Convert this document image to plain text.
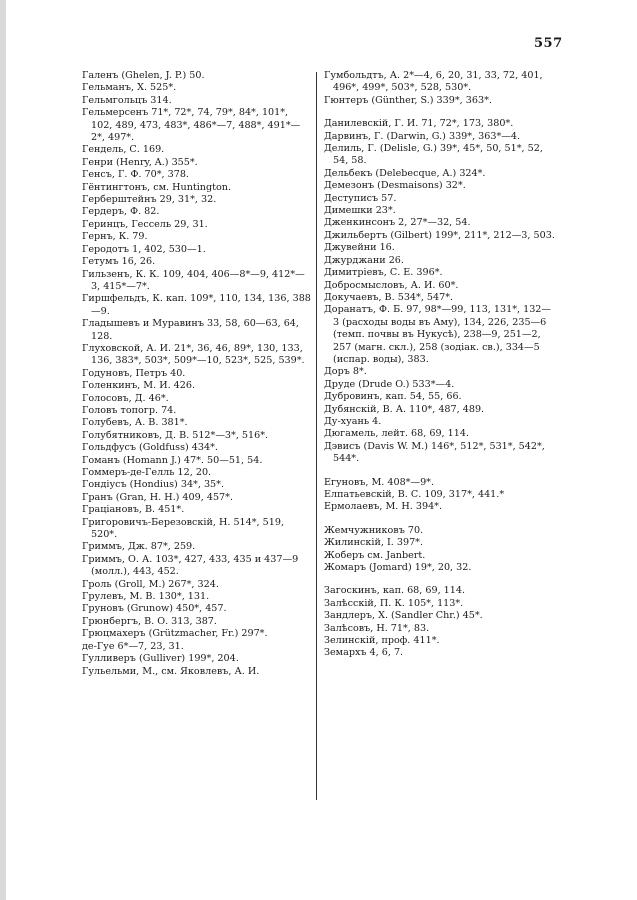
557

Галенъ (Ghelen, J. P.) 50.

Гельманъ, X. 525*.

Гельмгольцъ 314.

Гельмерсенъ 71*, 72*, 74, 79*, 84*, 101*, 102, 489, 473, 483*, 486*—7, 488*, 491*—2*, 497*.

Гендель, С. 169.

Генри (Henry, A.) 355*.

Генсъ, Г. Ф. 70*, 378.

Гёнтингтонъ, см. Huntington.

Герберштейнъ 29, 31*, 32.

Гердеръ, Ф. 82.

Геринцъ, Гессель 29, 31.

Гернъ, К. 79.

Геродотъ 1, 402, 530—1.

Гетумъ 16, 26.

Гильзенъ, К. К. 109, 404, 406—8*—9, 412*—3, 415*—7*.

Гиршфельдъ, К. кап. 109*, 110, 134, 136, 388—9.

Гладышевъ и Муравинъ 33, 58, 60—63, 64, 128.

Глуховской, А. И. 21*, 36, 46, 89*, 130, 133, 136, 383*, 503*, 509*—10, 523*, 525, 539*.

Годуновъ, Петръ 40.

Голенкинъ, М. И. 426.

Голосовъ, Д. 46*.

Головъ топогр. 74.

Голубевъ, А. В. 381*.

Голубятниковъ, Д. В. 512*—3*, 516*.

Гольдфусъ (Goldfuss) 434*.

Гоманъ (Homann J.) 47*. 50—51, 54.

Гоммеръ-де-Гелль 12, 20.

Гондіусъ (Hondius) 34*, 35*.

Гранъ (Gran, H. H.) 409, 457*.

Граціановъ, В. 451*.

Григоровичъ-Березовскій, Н. 514*, 519, 520*.

Гриммъ, Дж. 87*, 259.

Гриммъ, О. А. 103*, 427, 433, 435 и 437—9 (молл.), 443, 452.

Гроль (Groll, M.) 267*, 324.

Грулевъ, М. В. 130*, 131.

Груновъ (Grunow) 450*, 457.

Грюнбергъ, В. О. 313, 387.

Грюцмахеръ (Grützmacher, Fr.) 297*.

де-Гуе 6*—7, 23, 31.

Гулливеръ (Gulliver) 199*, 204.

Гульельми, М., см. Яковлевъ, А. И.

Гумбольдтъ, А. 2*—4, 6, 20, 31, 33, 72, 401, 496*, 499*, 503*, 528, 530*.

Гюнтеръ (Günther, S.) 339*, 363*.

Данилевскій, Г. И. 71, 72*, 173, 380*.

Дарвинъ, Г. (Darwin, G.) 339*, 363*—4.

Делиль, Г. (Delisle, G.) 39*, 45*, 50, 51*, 52, 54, 58.

Дельбекъ (Delebecque, A.) 324*.

Демезонъ (Desmaisons) 32*.

Деступисъ 57.

Димешки 23*.

Дженкинсонъ 2, 27*—32, 54.

Джильбертъ (Gilbert) 199*, 211*, 212—3, 503.

Джувейни 16.

Джурджани 26.

Димитріевъ, С. Е. 396*.

Добросмысловъ, А. И. 60*.

Докучаевъ, В. 534*, 547*.

Доранатъ, Ф. Б. 97, 98*—99, 113, 131*, 132—3 (расходы воды въ Аму), 134, 226, 235—6 (темп. почвы въ Нукусѣ), 238—9, 251—2, 257 (магн. скл.), 258 (зодіак. св.), 334—5 (испар. воды), 383.

Доръ 8*.

Друде (Drude O.) 533*—4.

Дубровинъ, кап. 54, 55, 66.

Дубянскій, В. А. 110*, 487, 489.

Ду-хуань 4.

Дюгамель, лейт. 68, 69, 114.

Дэвисъ (Davis W. M.) 146*, 512*, 531*, 542*, 544*.

Егуновъ, М. 408*—9*.

Елпатьевскій, В. С. 109, 317*, 441.*

Ермолаевъ, М. Н. 394*.

Жемчужниковъ 70.

Жилинскій, І. 397*.

Жоберъ см. Janbert.

Жомаръ (Jomard) 19*, 20, 32.

Загоскинъ, кап. 68, 69, 114.

Залѣсскій, П. К. 105*, 113*.

Зандлеръ, X. (Sandler Chr.) 45*.

Залѣсовъ, Н. 71*, 83.

Зелинскій, проф. 411*.

Земархъ 4, 6, 7.
